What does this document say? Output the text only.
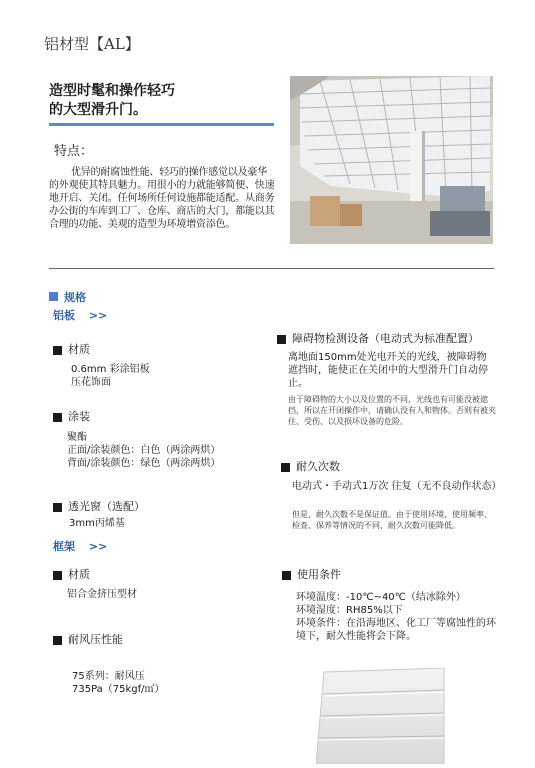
铝材型【AL】
造型时髦和操作轻巧
的大型滑升门。
特点：
优异的耐腐蚀性能、轻巧的操作感觉以及豪华的外观使其特具魅力。用很小的力就能够简便、快速地开启、关闭。任何场所任何设施都能适配。从商务办公街的车库到工厂、仓库、商店的大门，都能以其合理的功能、美观的造型为环境增资添色。
规格
铝板 >>
材质
0.6mm 彩涂铝板
压花饰面
涂装
聚酯
正面/涂装颜色：白色（两涂两烘）
背面/涂装颜色：绿色（两涂两烘）
透光窗（选配）
3mm丙烯基
框架 >>
材质
铝合金挤压型材
耐风压性能
75系列：耐风压
735Pa（75kgf/㎡）
障碍物检测设备（电动式为标准配置）
离地面150mm处光电开关的光线，被障碍物遮挡时，能使正在关闭中的大型滑升门自动停止。
由于障碍物的大小以及位置的不同，光线也有可能没被遮挡，所以在开闭操作中，请确认没有人和物体。否则有被夹住、受伤、以及损坏设备的危险。
耐久次数
电动式・手动式1万次 往复（无不良动作状态）
但是，耐久次数不是保证值。由于使用环境、使用频率、检查、保养等情况的不同，耐久次数可能降低。
使用条件
环境温度：-10℃~40℃（结冰除外）
环境湿度：RH85%以下
环境条件：在沿海地区、化工厂等腐蚀性的环境下，耐久性能将会下降。
